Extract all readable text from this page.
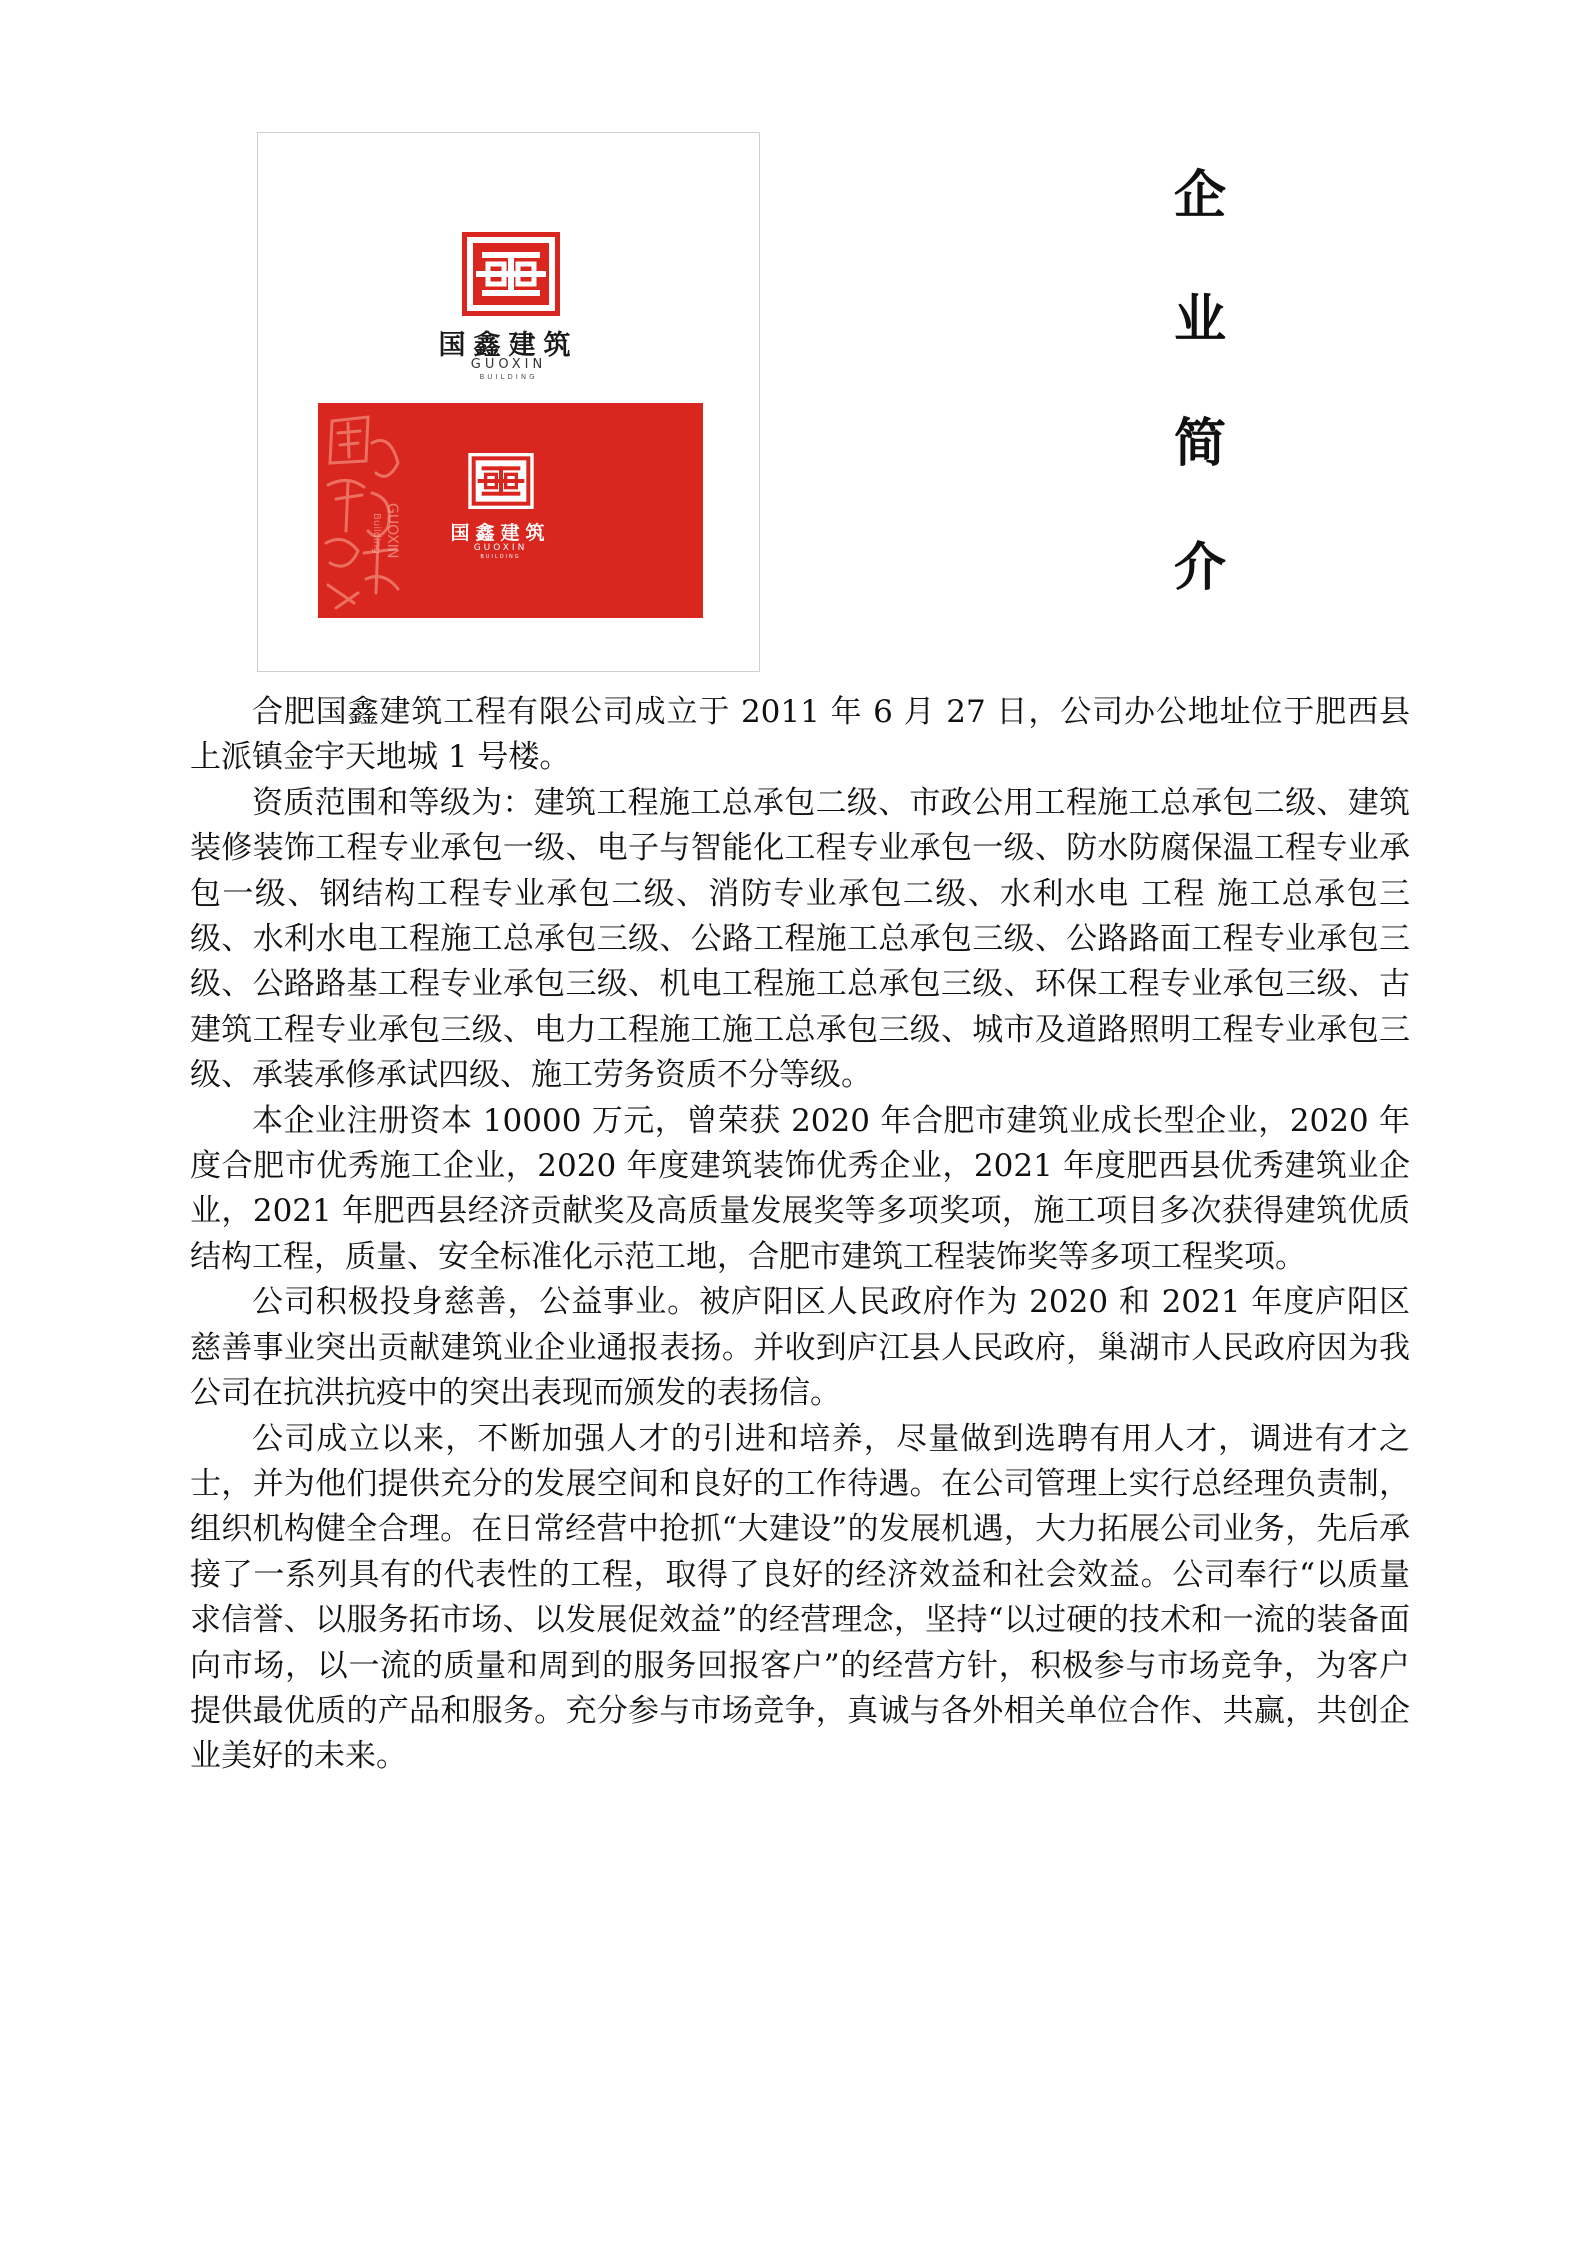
国鑫建筑
GUOXIN
BUILDING
GUOXIN
Building	国鑫建筑
GUOXIN
BUILDING
企
业
简
介

合肥国鑫建筑工程有限公司成立于 2011 年 6 月 27 日，公司办公地址位于肥西县上派镇金宇天地城 1 号楼。

资质范围和等级为：建筑工程施工总承包二级、市政公用工程施工总承包二级、建筑装修装饰工程专业承包一级、电子与智能化工程专业承包一级、防水防腐保温工程专业承包一级、钢结构工程专业承包二级、消防专业承包二级、水利水电 工程 施工总承包三级、水利水电工程施工总承包三级、公路工程施工总承包三级、公路路面工程专业承包三级、公路路基工程专业承包三级、机电工程施工总承包三级、环保工程专业承包三级、古建筑工程专业承包三级、电力工程施工施工总承包三级、城市及道路照明工程专业承包三级、承装承修承试四级、施工劳务资质不分等级。

本企业注册资本 10000 万元，曾荣获 2020 年合肥市建筑业成长型企业，2020 年度合肥市优秀施工企业，2020 年度建筑装饰优秀企业，2021 年度肥西县优秀建筑业企业，2021 年肥西县经济贡献奖及高质量发展奖等多项奖项，施工项目多次获得建筑优质结构工程，质量、安全标准化示范工地，合肥市建筑工程装饰奖等多项工程奖项。

公司积极投身慈善，公益事业。被庐阳区人民政府作为 2020 和 2021 年度庐阳区慈善事业突出贡献建筑业企业通报表扬。并收到庐江县人民政府，巢湖市人民政府因为我公司在抗洪抗疫中的突出表现而颁发的表扬信。

公司成立以来，不断加强人才的引进和培养，尽量做到选聘有用人才，调进有才之士，并为他们提供充分的发展空间和良好的工作待遇。在公司管理上实行总经理负责制，组织机构健全合理。在日常经营中抢抓“大建设”的发展机遇，大力拓展公司业务，先后承接了一系列具有的代表性的工程，取得了良好的经济效益和社会效益。公司奉行“以质量求信誉、以服务拓市场、以发展促效益”的经营理念，坚持“以过硬的技术和一流的装备面向市场，以一流的质量和周到的服务回报客户”的经营方针，积极参与市场竞争，为客户提供最优质的产品和服务。充分参与市场竞争，真诚与各外相关单位合作、共赢，共创企业美好的未来。
